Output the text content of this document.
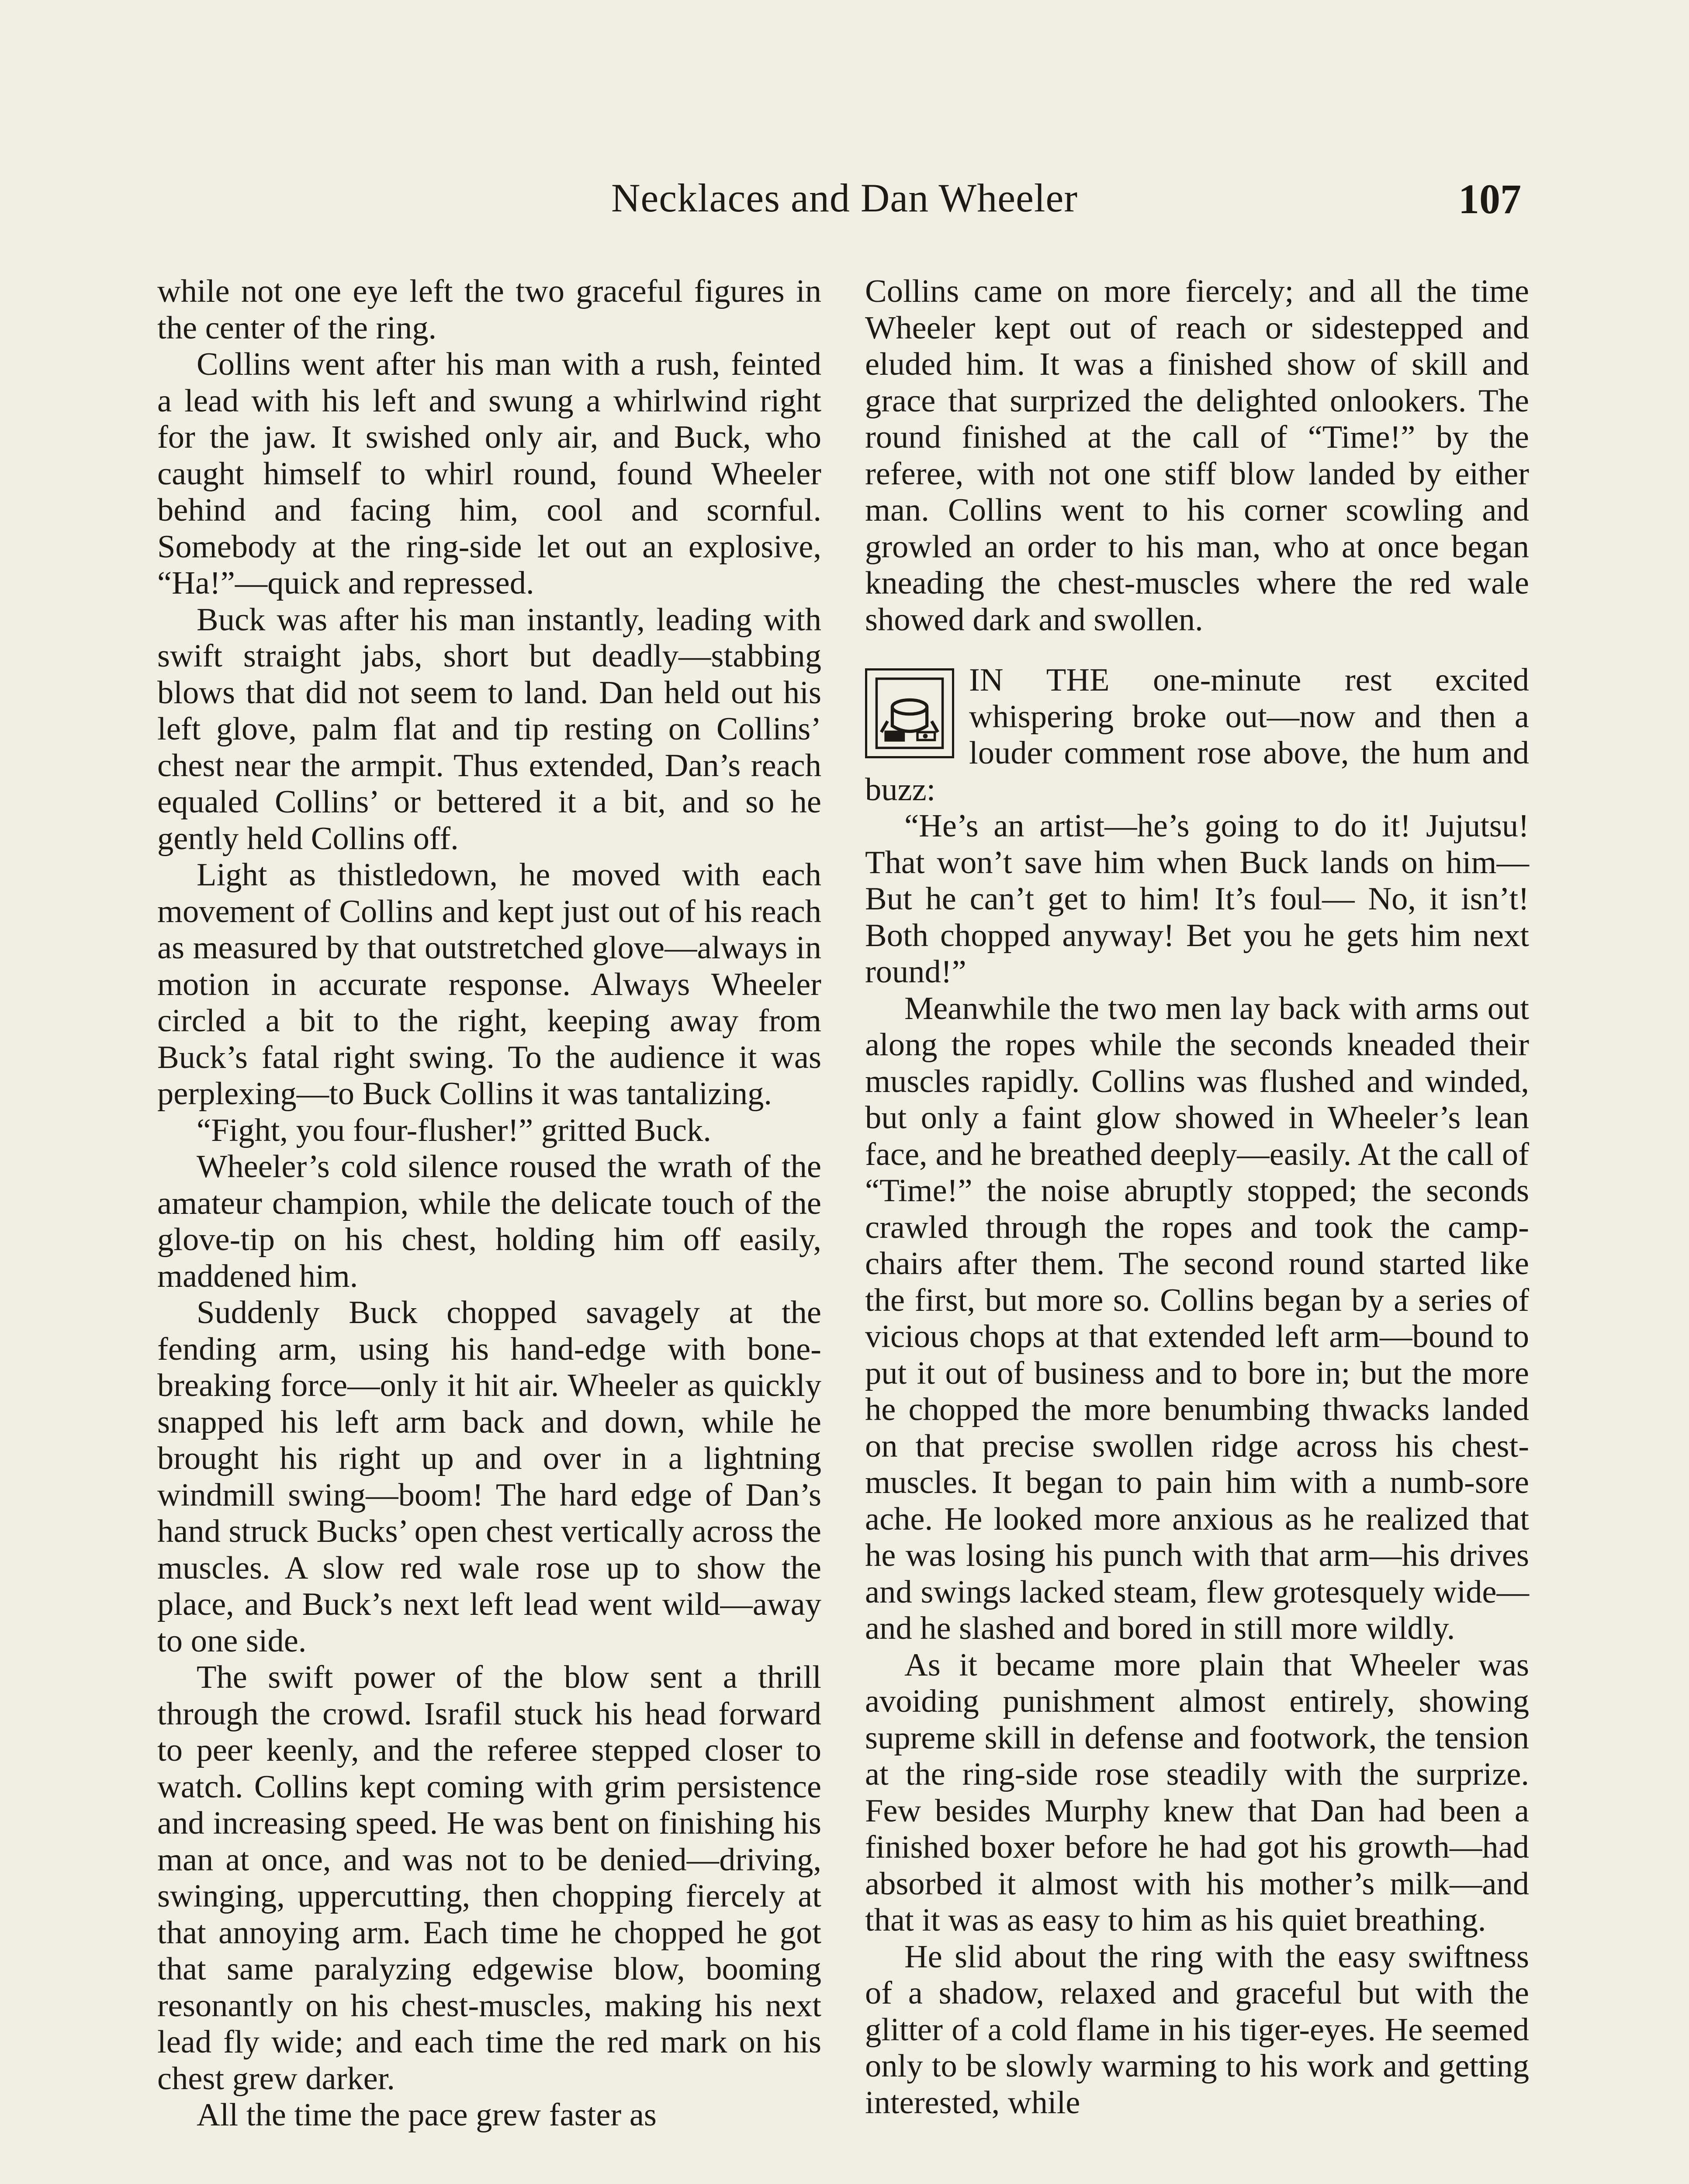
Necklaces and Dan Wheeler	107

while not one eye left the two graceful figures in the center of the ring.

Collins went after his man with a rush, feinted a lead with his left and swung a whirlwind right for the jaw. It swished only air, and Buck, who caught himself to whirl round, found Wheeler behind and facing him, cool and scornful. Somebody at the ring-side let out an explosive, “Ha!”—quick and repressed.

Buck was after his man instantly, leading with swift straight jabs, short but deadly—stabbing blows that did not seem to land. Dan held out his left glove, palm flat and tip resting on Collins’ chest near the armpit. Thus extended, Dan’s reach equaled Collins’ or bettered it a bit, and so he gently held Collins off.

Light as thistledown, he moved with each movement of Collins and kept just out of his reach as measured by that outstretched glove—always in motion in accurate response. Always Wheeler circled a bit to the right, keeping away from Buck’s fatal right swing. To the audience it was perplexing—to Buck Collins it was tantalizing.

“Fight, you four-flusher!” gritted Buck.

Wheeler’s cold silence roused the wrath of the amateur champion, while the delicate touch of the glove-tip on his chest, holding him off easily, maddened him.

Suddenly Buck chopped savagely at the fending arm, using his hand-edge with bone-breaking force—only it hit air. Wheeler as quickly snapped his left arm back and down, while he brought his right up and over in a lightning windmill swing—boom! The hard edge of Dan’s hand struck Bucks’ open chest vertically across the muscles. A slow red wale rose up to show the place, and Buck’s next left lead went wild—away to one side.

The swift power of the blow sent a thrill through the crowd. Israfil stuck his head forward to peer keenly, and the referee stepped closer to watch. Collins kept coming with grim persistence and increasing speed. He was bent on finishing his man at once, and was not to be denied—driving, swinging, uppercutting, then chopping fiercely at that annoying arm. Each time he chopped he got that same paralyzing edgewise blow, booming resonantly on his chest-muscles, making his next lead fly wide; and each time the red mark on his chest grew darker.

All the time the pace grew faster as

Collins came on more fiercely; and all the time Wheeler kept out of reach or sidestepped and eluded him. It was a finished show of skill and grace that surprized the delighted onlookers. The round finished at the call of “Time!” by the referee, with not one stiff blow landed by either man. Collins went to his corner scowling and growled an order to his man, who at once began kneading the chest-muscles where the red wale showed dark and swollen.

IN THE one-minute rest excited whispering broke out—now and then a louder comment rose above, the hum and buzz:

“He’s an artist—he’s going to do it! Jujutsu! That won’t save him when Buck lands on him— But he can’t get to him! It’s foul— No, it isn’t! Both chopped anyway! Bet you he gets him next round!”

Meanwhile the two men lay back with arms out along the ropes while the seconds kneaded their muscles rapidly. Collins was flushed and winded, but only a faint glow showed in Wheeler’s lean face, and he breathed deeply—easily. At the call of “Time!” the noise abruptly stopped; the seconds crawled through the ropes and took the camp-chairs after them. The second round started like the first, but more so. Collins began by a series of vicious chops at that extended left arm—bound to put it out of business and to bore in; but the more he chopped the more benumbing thwacks landed on that precise swollen ridge across his chest-muscles. It began to pain him with a numb-sore ache. He looked more anxious as he realized that he was losing his punch with that arm—his drives and swings lacked steam, flew grotesquely wide—and he slashed and bored in still more wildly.

As it became more plain that Wheeler was avoiding punishment almost entirely, showing supreme skill in defense and footwork, the tension at the ring-side rose steadily with the surprize. Few besides Murphy knew that Dan had been a finished boxer before he had got his growth—had absorbed it almost with his mother’s milk—and that it was as easy to him as his quiet breathing.

He slid about the ring with the easy swiftness of a shadow, relaxed and graceful but with the glitter of a cold flame in his tiger-eyes. He seemed only to be slowly warming to his work and getting interested, while
